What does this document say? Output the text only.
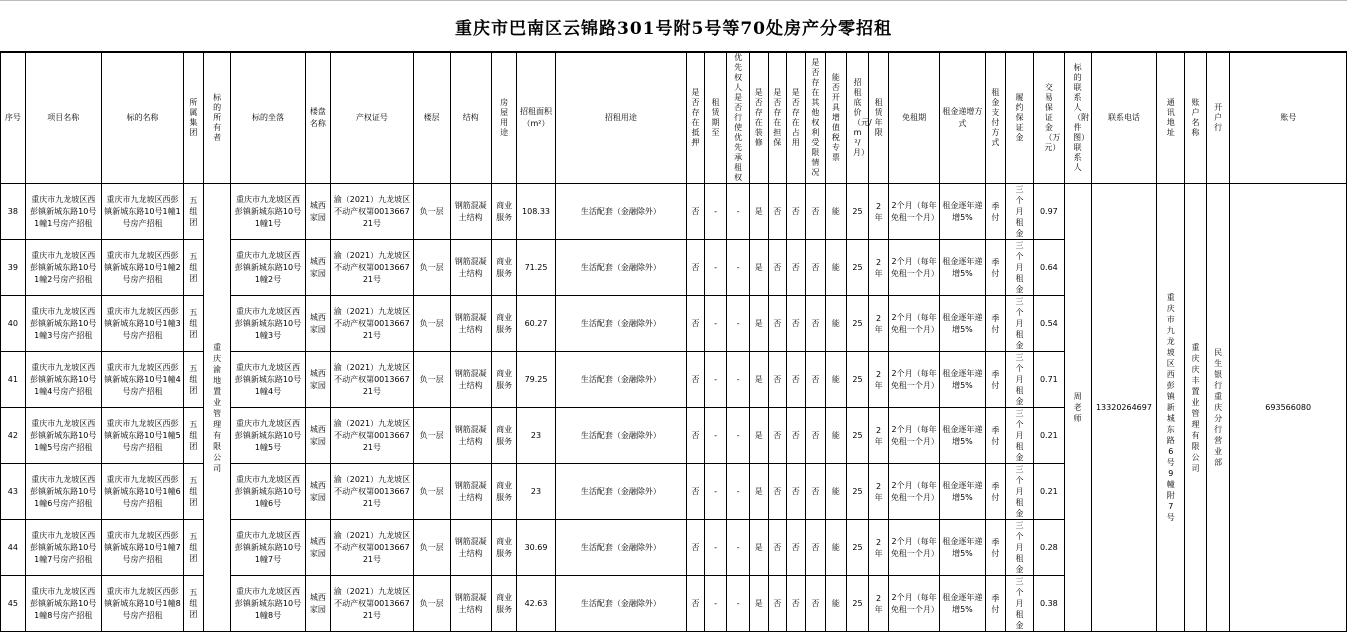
重庆市巴南区云锦路301号附5号等70处房产分零招租
序号	项目名称	标的名称	所属集团	标的所有者	标的坐落	楼盘名称	产权证号	楼层	结构	房屋用途	招租面积（m²）	招租用途	是否存在抵押	租赁期至	优先权人是否行使优先承租权	是否存在装修	是否存在担保	是否存在占用	是否存在其他权利受限情况	能否开具增值税专票	招租底价（元/m²/月）	租赁年限	免租期	租金递增方式	租金支付方式	履约保证金	交易保证金（万元）	标的联系人（附件图）联系人	联系电话	通讯地址	账户名称	开户行	账号

38	重庆市九龙坡区西彭镇新城东路10号1幢1号房产招租	重庆市九龙坡区西彭镇新城东路10号1幢1号房产招租	五组团	重庆渝地置业管理有限公司	重庆市九龙坡区西彭镇新城东路10号1幢1号	城西家园	渝（2021）九龙坡区不动产权第001366721号	负一层	钢筋混凝土结构	商业服务	108.33	生活配套（金融除外）	否	-	-	是	否	否	否	能	25	2年	2个月（每年免租一个月）	租金逐年递增5%	季付	三个月租金	0.97	周老师	13320264697	重庆市九龙坡区西彭镇新城东路6号9幢附7号	重庆庆丰置业管理有限公司	民生银行重庆分行营业部	693566080

39	重庆市九龙坡区西彭镇新城东路10号1幢2号房产招租	重庆市九龙坡区西彭镇新城东路10号1幢2号房产招租	五组团		重庆市九龙坡区西彭镇新城东路10号1幢2号	城西家园	渝（2021）九龙坡区不动产权第001366721号	负一层	钢筋混凝土结构	商业服务	71.25	生活配套（金融除外）	否	-	-	是	否	否	否	能	25	2年	2个月（每年免租一个月）	租金逐年递增5%	季付	三个月租金	0.64						

40	重庆市九龙坡区西彭镇新城东路10号1幢3号房产招租	重庆市九龙坡区西彭镇新城东路10号1幢3号房产招租	五组团		重庆市九龙坡区西彭镇新城东路10号1幢3号	城西家园	渝（2021）九龙坡区不动产权第001366721号	负一层	钢筋混凝土结构	商业服务	60.27	生活配套（金融除外）	否	-	-	是	否	否	否	能	25	2年	2个月（每年免租一个月）	租金逐年递增5%	季付	三个月租金	0.54						

41	重庆市九龙坡区西彭镇新城东路10号1幢4号房产招租	重庆市九龙坡区西彭镇新城东路10号1幢4号房产招租	五组团		重庆市九龙坡区西彭镇新城东路10号1幢4号	城西家园	渝（2021）九龙坡区不动产权第001366721号	负一层	钢筋混凝土结构	商业服务	79.25	生活配套（金融除外）	否	-	-	是	否	否	否	能	25	2年	2个月（每年免租一个月）	租金逐年递增5%	季付	三个月租金	0.71						

42	重庆市九龙坡区西彭镇新城东路10号1幢5号房产招租	重庆市九龙坡区西彭镇新城东路10号1幢5号房产招租	五组团		重庆市九龙坡区西彭镇新城东路10号1幢5号	城西家园	渝（2021）九龙坡区不动产权第001366721号	负一层	钢筋混凝土结构	商业服务	23	生活配套（金融除外）	否	-	-	是	否	否	否	能	25	2年	2个月（每年免租一个月）	租金逐年递增5%	季付	三个月租金	0.21						

43	重庆市九龙坡区西彭镇新城东路10号1幢6号房产招租	重庆市九龙坡区西彭镇新城东路10号1幢6号房产招租	五组团		重庆市九龙坡区西彭镇新城东路10号1幢6号	城西家园	渝（2021）九龙坡区不动产权第001366721号	负一层	钢筋混凝土结构	商业服务	23	生活配套（金融除外）	否	-	-	是	否	否	否	能	25	2年	2个月（每年免租一个月）	租金逐年递增5%	季付	三个月租金	0.21						

44	重庆市九龙坡区西彭镇新城东路10号1幢7号房产招租	重庆市九龙坡区西彭镇新城东路10号1幢7号房产招租	五组团		重庆市九龙坡区西彭镇新城东路10号1幢7号	城西家园	渝（2021）九龙坡区不动产权第001366721号	负一层	钢筋混凝土结构	商业服务	30.69	生活配套（金融除外）	否	-	-	是	否	否	否	能	25	2年	2个月（每年免租一个月）	租金逐年递增5%	季付	三个月租金	0.28						

45	重庆市九龙坡区西彭镇新城东路10号1幢8号房产招租	重庆市九龙坡区西彭镇新城东路10号1幢8号房产招租	五组团		重庆市九龙坡区西彭镇新城东路10号1幢8号	城西家园	渝（2021）九龙坡区不动产权第001366721号	负一层	钢筋混凝土结构	商业服务	42.63	生活配套（金融除外）	否	-	-	是	否	否	否	能	25	2年	2个月（每年免租一个月）	租金逐年递增5%	季付	三个月租金	0.38						
